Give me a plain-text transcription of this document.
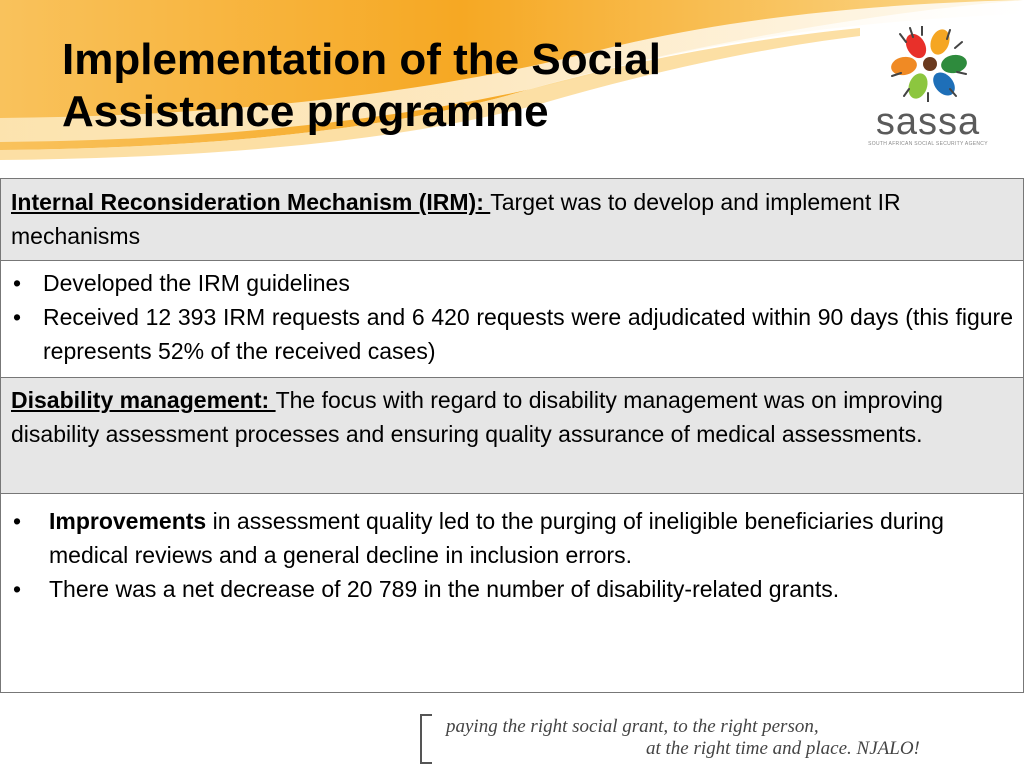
Implementation of the Social
Assistance programme	sassa
SOUTH AFRICAN SOCIAL SECURITY AGENCY

Internal Reconsideration Mechanism (IRM): Target was to develop and implement IR mechanisms

• Developed the IRM guidelines
• Received 12 393 IRM requests and 6 420 requests were adjudicated within 90 days (this figure represents 52% of the received cases)

Disability management: The focus with regard to disability management was on improving disability assessment processes and ensuring quality assurance of medical assessments.

• Improvements in assessment quality led to the purging of ineligible beneficiaries during medical reviews and a general decline in inclusion errors.
• There was a net decrease of 20 789 in the number of disability-related grants.

paying the right social grant, to the right person,

at the right time and place. NJALO!
